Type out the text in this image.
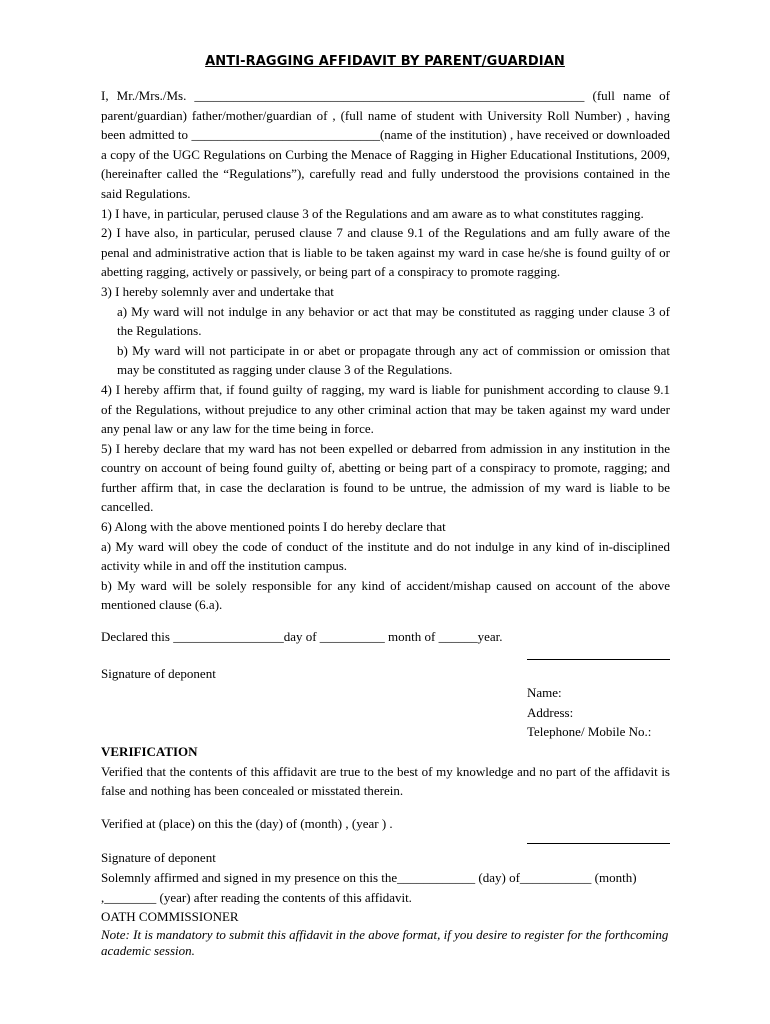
ANTI-RAGGING AFFIDAVIT BY PARENT/GUARDIAN

I, Mr./Mrs./Ms. ____________________________________________________________ (full name of parent/guardian) father/mother/guardian of , (full name of student with University Roll Number) , having been admitted to _____________________________(name of the institution) , have received or downloaded a copy of the UGC Regulations on Curbing the Menace of Ragging in Higher Educational Institutions, 2009, (hereinafter called the “Regulations”), carefully read and fully understood the provisions contained in the said Regulations.

1) I have, in particular, perused clause 3 of the Regulations and am aware as to what constitutes ragging.

2) I have also, in particular, perused clause 7 and clause 9.1 of the Regulations and am fully aware of the penal and administrative action that is liable to be taken against my ward in case he/she is found guilty of or abetting ragging, actively or passively, or being part of a conspiracy to promote ragging.

3) I hereby solemnly aver and undertake that

a) My ward will not indulge in any behavior or act that may be constituted as ragging under clause 3 of the Regulations.

b) My ward will not participate in or abet or propagate through any act of commission or omission that may be constituted as ragging under clause 3 of the Regulations.

4) I hereby affirm that, if found guilty of ragging, my ward is liable for punishment according to clause 9.1 of the Regulations, without prejudice to any other criminal action that may be taken against my ward under any penal law or any law for the time being in force.

5) I hereby declare that my ward has not been expelled or debarred from admission in any institution in the country on account of being found guilty of, abetting or being part of a conspiracy to promote, ragging; and further affirm that, in case the declaration is found to be untrue, the admission of my ward is liable to be cancelled.

6) Along with the above mentioned points I do hereby declare that

a) My ward will obey the code of conduct of the institute and do not indulge in any kind of in-disciplined activity while in and off the institution campus.

b) My ward will be solely responsible for any kind of accident/mishap caused on account of the above mentioned clause (6.a).

Declared this _________________day of __________ month of ______year.

Signature of deponent

Name:
Address:
Telephone/ Mobile No.:

VERIFICATION

Verified that the contents of this affidavit are true to the best of my knowledge and no part of the affidavit is false and nothing has been concealed or misstated therein.

Verified at (place) on this the (day) of (month) , (year ) .

Signature of deponent

Solemnly affirmed and signed in my presence on this the____________ (day) of___________ (month)

,________ (year) after reading the contents of this affidavit.

OATH COMMISSIONER

Note: It is mandatory to submit this affidavit in the above format, if you desire to register for the forthcoming academic session.
